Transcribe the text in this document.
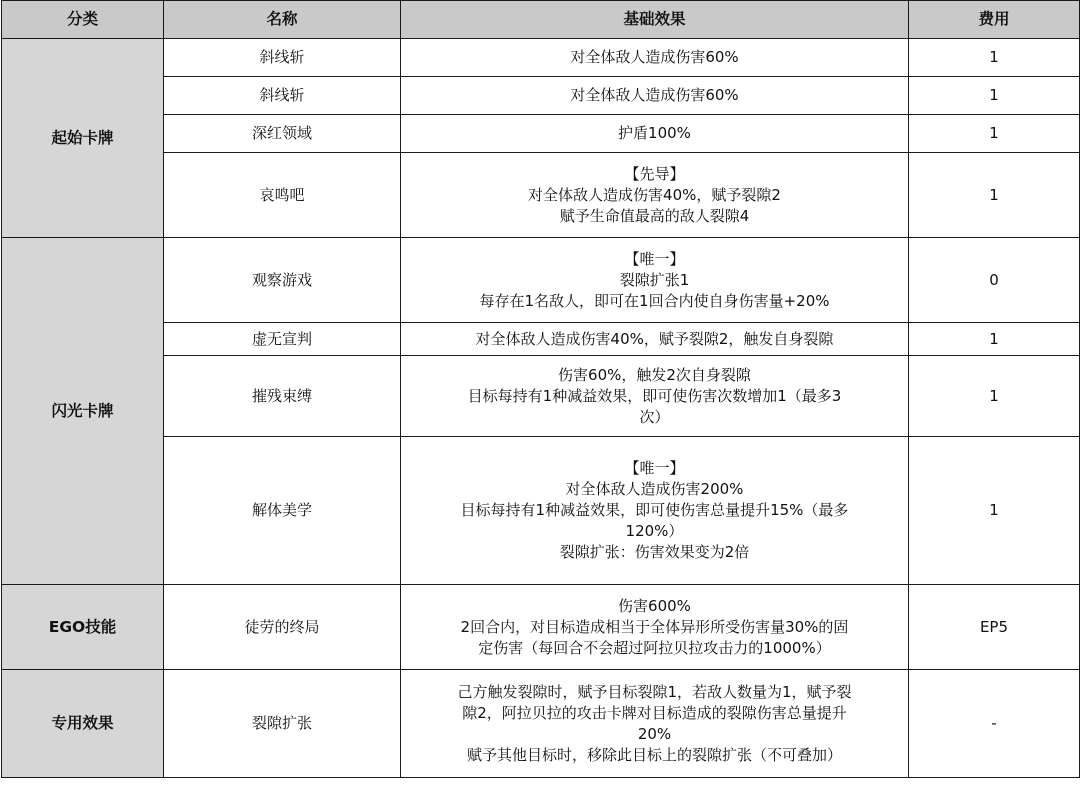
分类	名称	基础效果	费用
起始卡牌	斜线斩	对全体敌人造成伤害60%	1
	斜线斩	对全体敌人造成伤害60%	1
	深红领域	护盾100%	1
	哀鸣吧	【先导】
对全体敌人造成伤害40%，赋予裂隙2
赋予生命值最高的敌人裂隙4	1
闪光卡牌	观察游戏	【唯一】
裂隙扩张1
每存在1名敌人，即可在1回合内使自身伤害量+20%	0
	虚无宣判	对全体敌人造成伤害40%，赋予裂隙2，触发自身裂隙	1
	摧残束缚	伤害60%，触发2次自身裂隙
目标每持有1种减益效果，即可使伤害次数增加1（最多3
次）	1
	解体美学	【唯一】
对全体敌人造成伤害200%
目标每持有1种减益效果，即可使伤害总量提升15%（最多
120%）
裂隙扩张：伤害效果变为2倍	1
EGO技能	徒劳的终局	伤害600%
2回合内，对目标造成相当于全体异形所受伤害量30%的固
定伤害（每回合不会超过阿拉贝拉攻击力的1000%）	EP5
专用效果	裂隙扩张	己方触发裂隙时，赋予目标裂隙1，若敌人数量为1，赋予裂
隙2，阿拉贝拉的攻击卡牌对目标造成的裂隙伤害总量提升
20%
赋予其他目标时，移除此目标上的裂隙扩张（不可叠加）	-
